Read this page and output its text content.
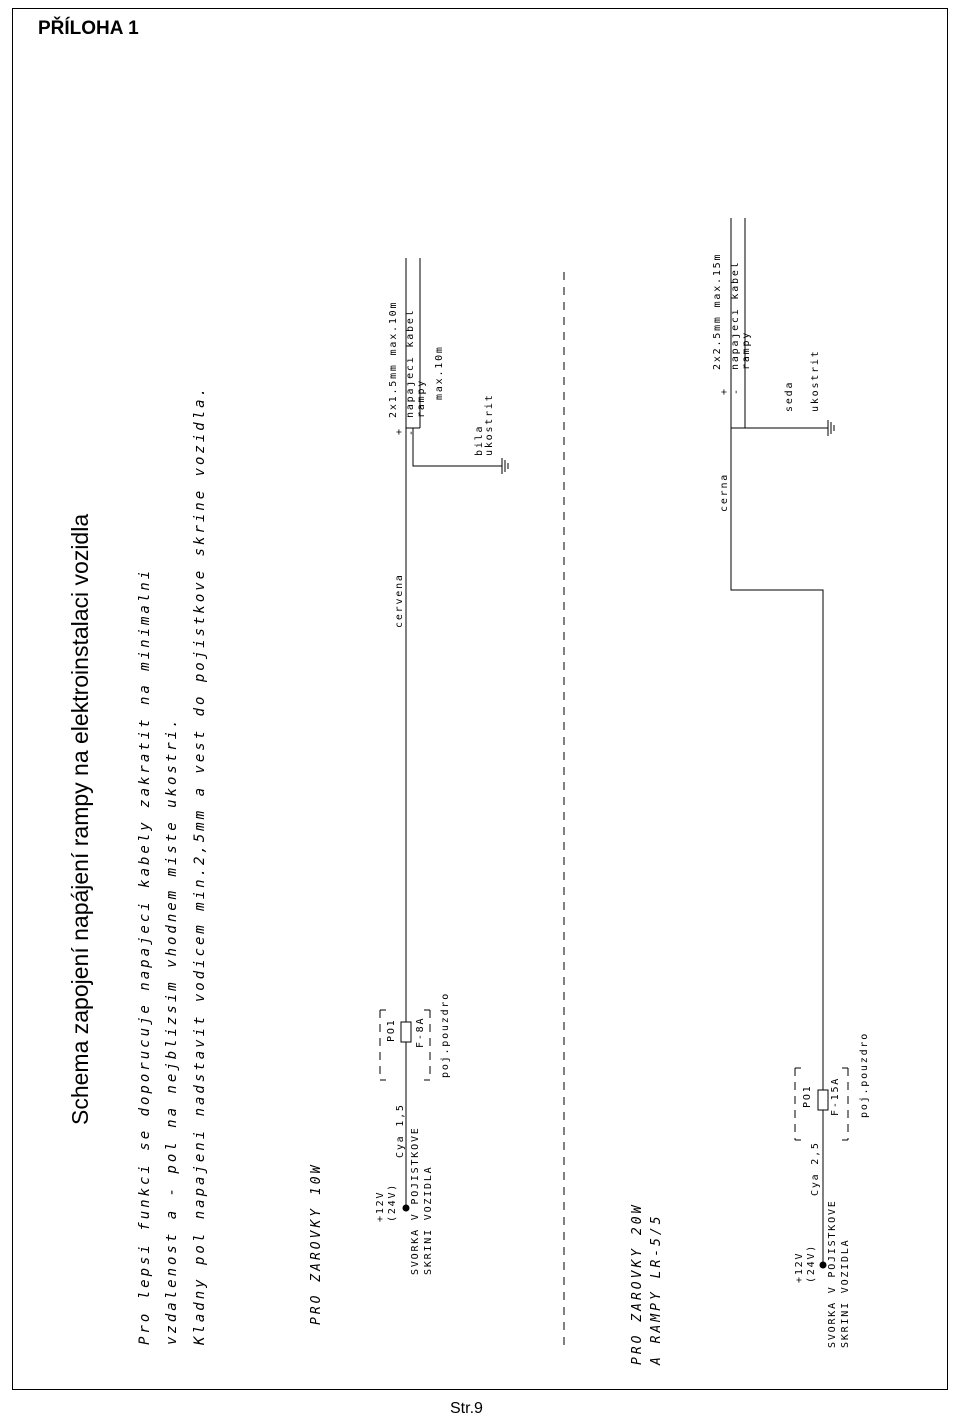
PŘÍLOHA 1
Str.9
Schema zapojení napájení rampy na elektroinstalaci vozidla	Pro lepsi funkci se doporucuje napajeci kabely zakratit na minimalni vzdalenost a - pol na nejblizsim vhodnem miste ukostri. Kladny pol napajeni nadstavit vodicem min.2,5mm a vest do pojistkove skrine vozidla.	PRO ZAROVKY 10W	+12V (24V) SVORKA V POJISTKOVE SKRINI VOZIDLA
Cya 1,5
PO1 F-8A poj.pouzdro
cervena
+ -
2x1.5mm max.10m napajeci kabel rampy max.10m
bila ukostrit
PRO ZAROVKY 20W A RAMPY LR-5/5	+12V (24V) SVORKA V POJISTKOVE SKRINI VOZIDLA
Cya 2,5
PO1 F-15A poj.pouzdro
cerna
+ -
2x2.5mm max.15m napajeci kabel rampy
seda ukostrit
